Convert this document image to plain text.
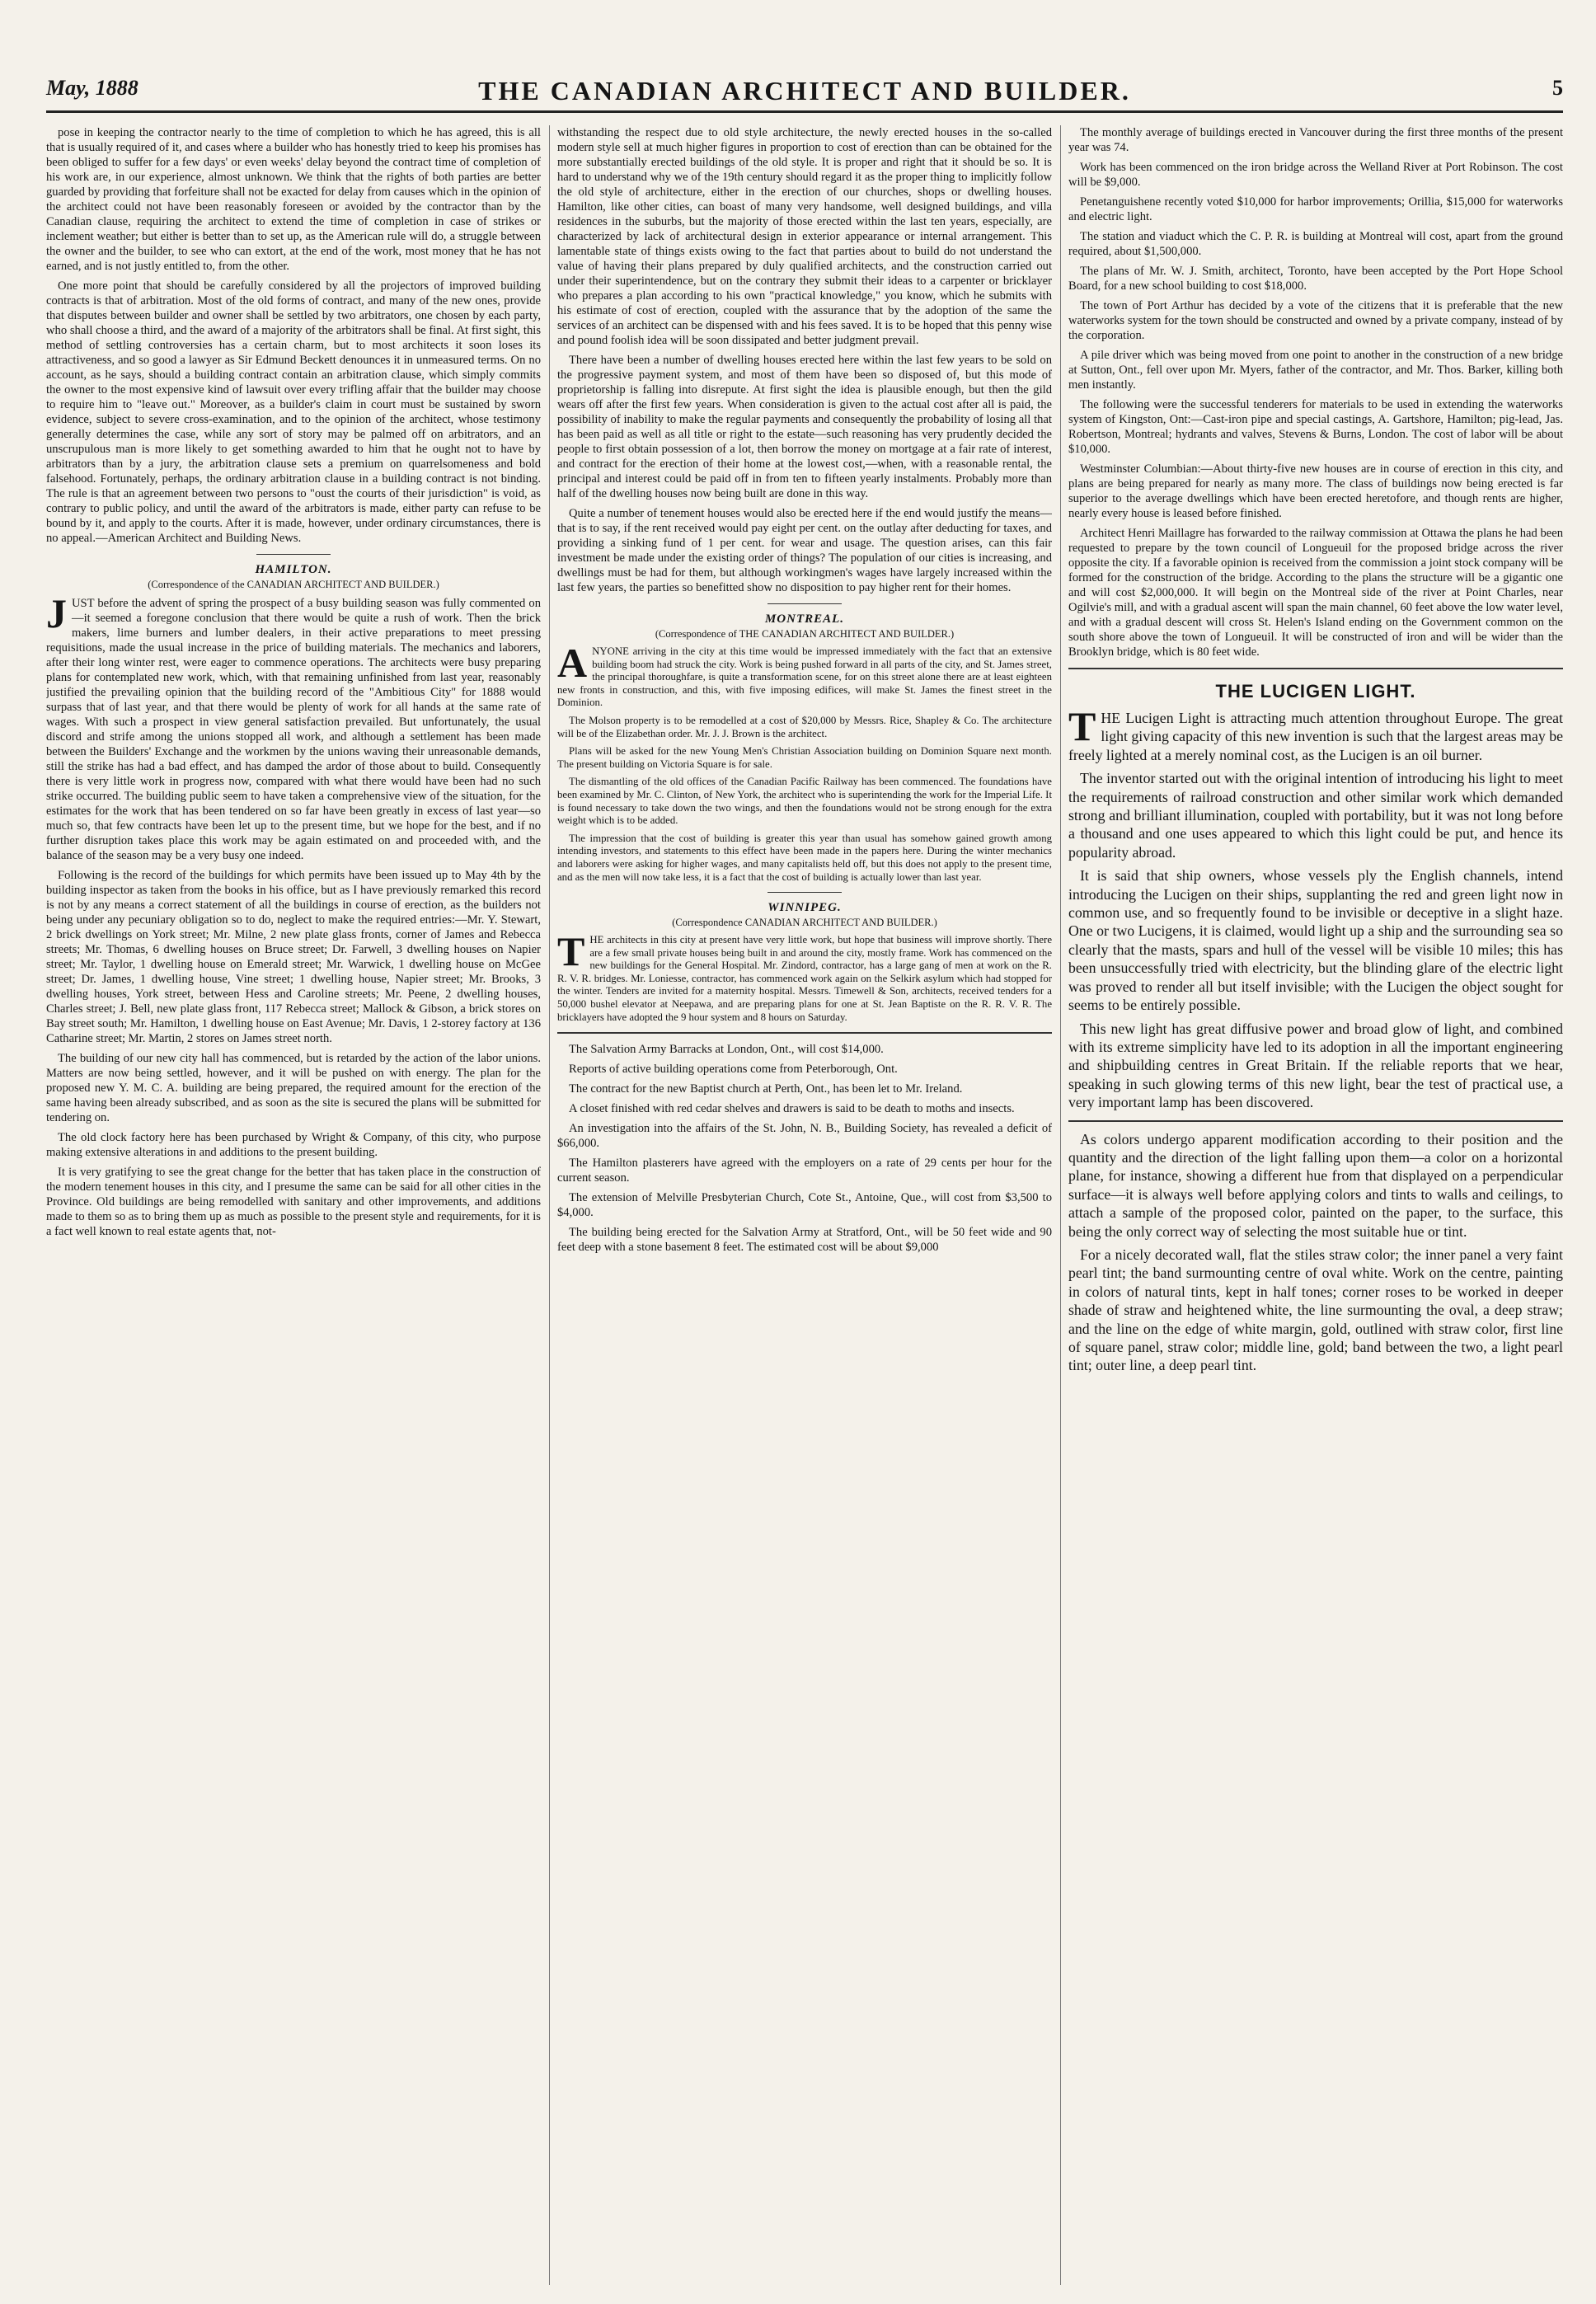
May, 1888	THE CANADIAN ARCHITECT AND BUILDER.	5

pose in keeping the contractor nearly to the time of completion to which he has agreed, this is all that is usually required of it, and cases where a builder who has honestly tried to keep his promises has been obliged to suffer for a few days' or even weeks' delay beyond the contract time of completion of his work are, in our experience, almost unknown. We think that the rights of both parties are better guarded by providing that forfeiture shall not be exacted for delay from causes which in the opinion of the architect could not have been reasonably foreseen or avoided by the contractor than by the Canadian clause, requiring the architect to extend the time of completion in case of strikes or inclement weather; but either is better than to set up, as the American rule will do, a struggle between the owner and the builder, to see who can extort, at the end of the work, most money that he has not earned, and is not justly entitled to, from the other.

One more point that should be carefully considered by all the projectors of improved building contracts is that of arbitration. Most of the old forms of contract, and many of the new ones, provide that disputes between builder and owner shall be settled by two arbitrators, one chosen by each party, who shall choose a third, and the award of a majority of the arbitrators shall be final. At first sight, this method of settling controversies has a certain charm, but to most architects it soon loses its attractiveness, and so good a lawyer as Sir Edmund Beckett denounces it in unmeasured terms. On no account, as he says, should a building contract contain an arbitration clause, which simply commits the owner to the most expensive kind of lawsuit over every trifling affair that the builder may choose to require him to "leave out." Moreover, as a builder's claim in court must be sustained by sworn evidence, subject to severe cross-examination, and to the opinion of the architect, whose testimony generally determines the case, while any sort of story may be palmed off on arbitrators, and an unscrupulous man is more likely to get something awarded to him that he ought not to have by arbitrators than by a jury, the arbitration clause sets a premium on quarrelsomeness and bold falsehood. Fortunately, perhaps, the ordinary arbitration clause in a building contract is not binding. The rule is that an agreement between two persons to "oust the courts of their jurisdiction" is void, as contrary to public policy, and until the award of the arbitrators is made, either party can refuse to be bound by it, and apply to the courts. After it is made, however, under ordinary circumstances, there is no appeal.—American Architect and Building News.

HAMILTON.
(Correspondence of the CANADIAN ARCHITECT AND BUILDER.)

JUST before the advent of spring the prospect of a busy building season was fully commented on—it seemed a foregone conclusion that there would be quite a rush of work. Then the brick makers, lime burners and lumber dealers, in their active preparations to meet pressing requisitions, made the usual increase in the price of building materials. The mechanics and laborers, after their long winter rest, were eager to commence operations. The architects were busy preparing plans for contemplated new work, which, with that remaining unfinished from last year, reasonably justified the prevailing opinion that the building record of the "Ambitious City" for 1888 would surpass that of last year, and that there would be plenty of work for all hands at the same rate of wages. With such a prospect in view general satisfaction prevailed. But unfortunately, the usual discord and strife among the unions stopped all work, and although a settlement has been made between the Builders' Exchange and the workmen by the unions waving their unreasonable demands, still the strike has had a bad effect, and has damped the ardor of those about to build. Consequently there is very little work in progress now, compared with what there would have been had no such strike occurred. The building public seem to have taken a comprehensive view of the situation, for the estimates for the work that has been tendered on so far have been greatly in excess of last year—so much so, that few contracts have been let up to the present time, but we hope for the best, and if no further disruption takes place this work may be again estimated on and proceeded with, and the balance of the season may be a very busy one indeed.

Following is the record of the buildings for which permits have been issued up to May 4th by the building inspector as taken from the books in his office, but as I have previously remarked this record is not by any means a correct statement of all the buildings in course of erection, as the builders not being under any pecuniary obligation so to do, neglect to make the required entries:—Mr. Y. Stewart, 2 brick dwellings on York street; Mr. Milne, 2 new plate glass fronts, corner of James and Rebecca streets; Mr. Thomas, 6 dwelling houses on Bruce street; Dr. Farwell, 3 dwelling houses on Napier street; Mr. Taylor, 1 dwelling house on Emerald street; Mr. Warwick, 1 dwelling house on McGee street; Dr. James, 1 dwelling house, Vine street; 1 dwelling house, Napier street; Mr. Brooks, 3 dwelling houses, York street, between Hess and Caroline streets; Mr. Peene, 2 dwelling houses, Charles street; J. Bell, new plate glass front, 117 Rebecca street; Mallock & Gibson, a brick stores on Bay street south; Mr. Hamilton, 1 dwelling house on East Avenue; Mr. Davis, 1 2-storey factory at 136 Catharine street; Mr. Martin, 2 stores on James street north.

The building of our new city hall has commenced, but is retarded by the action of the labor unions. Matters are now being settled, however, and it will be pushed on with energy. The plan for the proposed new Y. M. C. A. building are being prepared, the required amount for the erection of the same having been already subscribed, and as soon as the site is secured the plans will be submitted for tendering on.

The old clock factory here has been purchased by Wright & Company, of this city, who purpose making extensive alterations in and additions to the present building.

It is very gratifying to see the great change for the better that has taken place in the construction of the modern tenement houses in this city, and I presume the same can be said for all other cities in the Province. Old buildings are being remodelled with sanitary and other improvements, and additions made to them so as to bring them up as much as possible to the present style and requirements, for it is a fact well known to real estate agents that, not-

withstanding the respect due to old style architecture, the newly erected houses in the so-called modern style sell at much higher figures in proportion to cost of erection than can be obtained for the more substantially erected buildings of the old style. It is proper and right that it should be so. It is hard to understand why we of the 19th century should regard it as the proper thing to implicitly follow the old style of architecture, either in the erection of our churches, shops or dwelling houses. Hamilton, like other cities, can boast of many very handsome, well designed buildings, and villa residences in the suburbs, but the majority of those erected within the last ten years, especially, are characterized by lack of architectural design in exterior appearance or internal arrangement. This lamentable state of things exists owing to the fact that parties about to build do not understand the value of having their plans prepared by duly qualified architects, and the construction carried out under their superintendence, but on the contrary they submit their ideas to a carpenter or bricklayer who prepares a plan according to his own "practical knowledge," you know, which he submits with his estimate of cost of erection, coupled with the assurance that by the adoption of the same the services of an architect can be dispensed with and his fees saved. It is to be hoped that this penny wise and pound foolish idea will be soon dissipated and better judgment prevail.

There have been a number of dwelling houses erected here within the last few years to be sold on the progressive payment system, and most of them have been so disposed of, but this mode of proprietorship is falling into disrepute. At first sight the idea is plausible enough, but then the gild wears off after the first few years. When consideration is given to the actual cost after all is paid, the possibility of inability to make the regular payments and consequently the probability of losing all that has been paid as well as all title or right to the estate—such reasoning has very prudently decided the people to first obtain possession of a lot, then borrow the money on mortgage at a fair rate of interest, and contract for the erection of their home at the lowest cost,—when, with a reasonable rental, the principal and interest could be paid off in from ten to fifteen yearly instalments. Probably more than half of the dwelling houses now being built are done in this way.

Quite a number of tenement houses would also be erected here if the end would justify the means—that is to say, if the rent received would pay eight per cent. on the outlay after deducting for taxes, and providing a sinking fund of 1 per cent. for wear and usage. The question arises, can this fair investment be made under the existing order of things? The population of our cities is increasing, and dwellings must be had for them, but although workingmen's wages have largely increased within the last few years, the parties so benefitted show no disposition to pay higher rent for their homes.

MONTREAL.
(Correspondence of THE CANADIAN ARCHITECT AND BUILDER.)

ANYONE arriving in the city at this time would be impressed immediately with the fact that an extensive building boom had struck the city. Work is being pushed forward in all parts of the city, and St. James street, the principal thoroughfare, is quite a transformation scene, for on this street alone there are at least eighteen new fronts in construction, and this, with five imposing edifices, will make St. James the finest street in the Dominion.

The Molson property is to be remodelled at a cost of $20,000 by Messrs. Rice, Shapley & Co. The architecture will be of the Elizabethan order. Mr. J. J. Brown is the architect.

Plans will be asked for the new Young Men's Christian Association building on Dominion Square next month. The present building on Victoria Square is for sale.

The dismantling of the old offices of the Canadian Pacific Railway has been commenced. The foundations have been examined by Mr. C. Clinton, of New York, the architect who is superintending the work for the Imperial Life. It is found necessary to take down the two wings, and then the foundations would not be strong enough for the extra weight which is to be added.

The impression that the cost of building is greater this year than usual has somehow gained growth among intending investors, and statements to this effect have been made in the papers here. During the winter mechanics and laborers were asking for higher wages, and many capitalists held off, but this does not apply to the present time, and as the men will now take less, it is a fact that the cost of building is actually lower than last year.

WINNIPEG.
(Correspondence CANADIAN ARCHITECT AND BUILDER.)

THE architects in this city at present have very little work, but hope that business will improve shortly. There are a few small private houses being built in and around the city, mostly frame. Work has commenced on the new buildings for the General Hospital. Mr. Zindord, contractor, has a large gang of men at work on the R. R. V. R. bridges. Mr. Loniesse, contractor, has commenced work again on the Selkirk asylum which had stopped for the winter. Tenders are invited for a maternity hospital. Messrs. Timewell & Son, architects, received tenders for a 50,000 bushel elevator at Neepawa, and are preparing plans for one at St. Jean Baptiste on the R. R. V. R. The bricklayers have adopted the 9 hour system and 8 hours on Saturday.

The Salvation Army Barracks at London, Ont., will cost $14,000.

Reports of active building operations come from Peterborough, Ont.

The contract for the new Baptist church at Perth, Ont., has been let to Mr. Ireland.

A closet finished with red cedar shelves and drawers is said to be death to moths and insects.

An investigation into the affairs of the St. John, N. B., Building Society, has revealed a deficit of $66,000.

The Hamilton plasterers have agreed with the employers on a rate of 29 cents per hour for the current season.

The extension of Melville Presbyterian Church, Cote St., Antoine, Que., will cost from $3,500 to $4,000.

The building being erected for the Salvation Army at Stratford, Ont., will be 50 feet wide and 90 feet deep with a stone basement 8 feet. The estimated cost will be about $9,000

The monthly average of buildings erected in Vancouver during the first three months of the present year was 74.

Work has been commenced on the iron bridge across the Welland River at Port Robinson. The cost will be $9,000.

Penetanguishene recently voted $10,000 for harbor improvements; Orillia, $15,000 for waterworks and electric light.

The station and viaduct which the C. P. R. is building at Montreal will cost, apart from the ground required, about $1,500,000.

The plans of Mr. W. J. Smith, architect, Toronto, have been accepted by the Port Hope School Board, for a new school building to cost $18,000.

The town of Port Arthur has decided by a vote of the citizens that it is preferable that the new waterworks system for the town should be constructed and owned by a private company, instead of by the corporation.

A pile driver which was being moved from one point to another in the construction of a new bridge at Sutton, Ont., fell over upon Mr. Myers, father of the contractor, and Mr. Thos. Barker, killing both men instantly.

The following were the successful tenderers for materials to be used in extending the waterworks system of Kingston, Ont:—Cast-iron pipe and special castings, A. Gartshore, Hamilton; pig-lead, Jas. Robertson, Montreal; hydrants and valves, Stevens & Burns, London. The cost of labor will be about $10,000.

Westminster Columbian:—About thirty-five new houses are in course of erection in this city, and plans are being prepared for nearly as many more. The class of buildings now being erected is far superior to the average dwellings which have been erected heretofore, and though rents are higher, nearly every house is leased before finished.

Architect Henri Maillagre has forwarded to the railway commission at Ottawa the plans he had been requested to prepare by the town council of Longueuil for the proposed bridge across the river opposite the city. If a favorable opinion is received from the commission a joint stock company will be formed for the construction of the bridge. According to the plans the structure will be a gigantic one and will cost $2,000,000. It will begin on the Montreal side of the river at Point Charles, near Ogilvie's mill, and with a gradual ascent will span the main channel, 60 feet above the low water level, and with a gradual descent will cross St. Helen's Island ending on the Government common on the south shore above the town of Longueuil. It will be constructed of iron and will be wider than the Brooklyn bridge, which is 80 feet wide.

THE LUCIGEN LIGHT.

THE Lucigen Light is attracting much attention throughout Europe. The great light giving capacity of this new invention is such that the largest areas may be freely lighted at a merely nominal cost, as the Lucigen is an oil burner.

The inventor started out with the original intention of introducing his light to meet the requirements of railroad construction and other similar work which demanded strong and brilliant illumination, coupled with portability, but it was not long before a thousand and one uses appeared to which this light could be put, and hence its popularity abroad.

It is said that ship owners, whose vessels ply the English channels, intend introducing the Lucigen on their ships, supplanting the red and green light now in common use, and so frequently found to be invisible or deceptive in a slight haze. One or two Lucigens, it is claimed, would light up a ship and the surrounding sea so clearly that the masts, spars and hull of the vessel will be visible 10 miles; this has been unsuccessfully tried with electricity, but the blinding glare of the electric light was proved to render all but itself invisible; with the Lucigen the object sought for seems to be entirely possible.

This new light has great diffusive power and broad glow of light, and combined with its extreme simplicity have led to its adoption in all the important engineering and shipbuilding centres in Great Britain. If the reliable reports that we hear, speaking in such glowing terms of this new light, bear the test of practical use, a very important lamp has been discovered.

As colors undergo apparent modification according to their position and the quantity and the direction of the light falling upon them—a color on a horizontal plane, for instance, showing a different hue from that displayed on a perpendicular surface—it is always well before applying colors and tints to walls and ceilings, to attach a sample of the proposed color, painted on the paper, to the surface, this being the only correct way of selecting the most suitable hue or tint.

For a nicely decorated wall, flat the stiles straw color; the inner panel a very faint pearl tint; the band surmounting centre of oval white. Work on the centre, painting in colors of natural tints, kept in half tones; corner roses to be worked in deeper shade of straw and heightened white, the line surmounting the oval, a deep straw; and the line on the edge of white margin, gold, outlined with straw color, first line of square panel, straw color; middle line, gold; band between the two, a light pearl tint; outer line, a deep pearl tint.
